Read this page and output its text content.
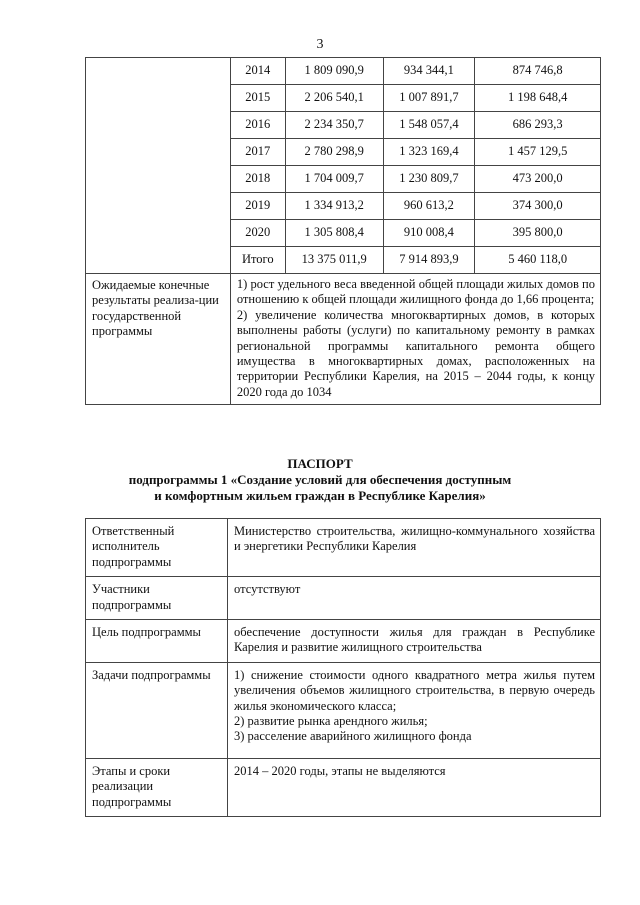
3
	2014	1 809 090,9	934 344,1	874 746,8
	2015	2 206 540,1	1 007 891,7	1 198 648,4
	2016	2 234 350,7	1 548 057,4	686 293,3
	2017	2 780 298,9	1 323 169,4	1 457 129,5
	2018	1 704 009,7	1 230 809,7	473 200,0
	2019	1 334 913,2	960 613,2	374 300,0
	2020	1 305 808,4	910 008,4	395 800,0
	Итого	13 375 011,9	7 914 893,9	5 460 118,0
Ожидаемые конечные результаты реализа-ции государственной программы	1) рост удельного веса введенной общей площади жилых домов по отношению к общей площади жилищного фонда до 1,66 процента;
2) увеличение количества многоквартирных домов, в которых выполнены работы (услуги) по капитальному ремонту в рамках региональной программы капитального ремонта общего имущества в многоквартирных домах, расположенных на территории Республики Карелия, на 2015 – 2044 годы, к концу 2020 года до 1034			
ПАСПОРТ
подпрограммы 1 «Создание условий для обеспечения доступным
и комфортным жильем граждан в Республике Карелия»
Ответственный исполнитель подпрограммы	Министерство строительства, жилищно-коммунального хозяйства и энергетики Республики Карелия
Участники подпрограммы	отсутствуют
Цель подпрограммы	обеспечение доступности жилья для граждан в Республике Карелия и развитие жилищного строительства
Задачи подпрограммы	1) снижение стоимости одного квадратного метра жилья путем увеличения объемов жилищного строительства, в первую очередь жилья экономического класса;
2) развитие рынка арендного жилья;
3) расселение аварийного жилищного фонда

Этапы и сроки реализации подпрограммы	2014 – 2020 годы, этапы не выделяются
